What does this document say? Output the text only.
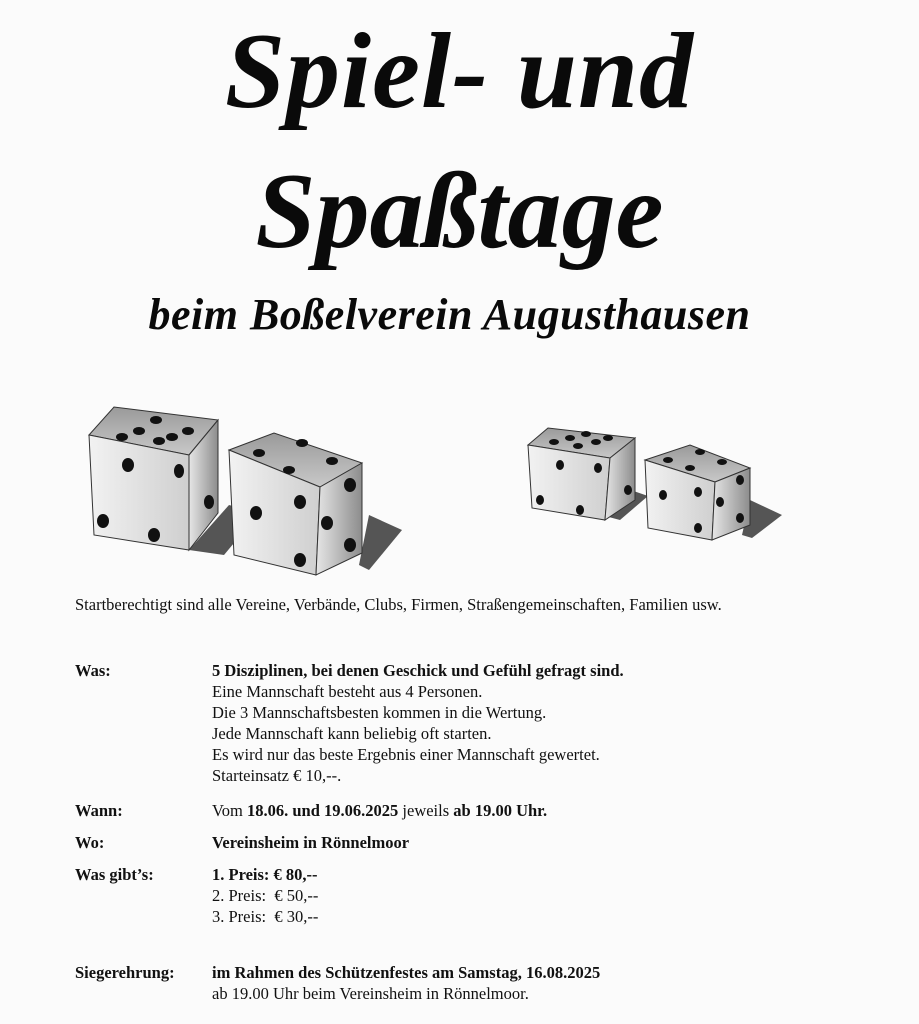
Spiel- und
Spaßtage
beim Boßelverein Augusthausen
Startberechtigt sind alle Vereine, Verbände, Clubs, Firmen, Straßengemeinschaften, Familien usw.
Was:	5 Disziplinen, bei denen Geschick und Gefühl gefragt sind.
Eine Mannschaft besteht aus 4 Personen.
Die 3 Mannschaftsbesten kommen in die Wertung.
Jede Mannschaft kann beliebig oft starten.
Es wird nur das beste Ergebnis einer Mannschaft gewertet.
Starteinsatz € 10,--.
Wann:	Vom 18.06. und 19.06.2025 jeweils ab 19.00 Uhr.
Wo:	Vereinsheim in Rönnelmoor
Was gibt’s:	1. Preis: € 80,--
2. Preis:  € 50,--
3. Preis:  € 30,--
Siegerehrung: im Rahmen des Schützenfestes am Samstag, 16.08.2025
ab 19.00 Uhr beim Vereinsheim in Rönnelmoor.
